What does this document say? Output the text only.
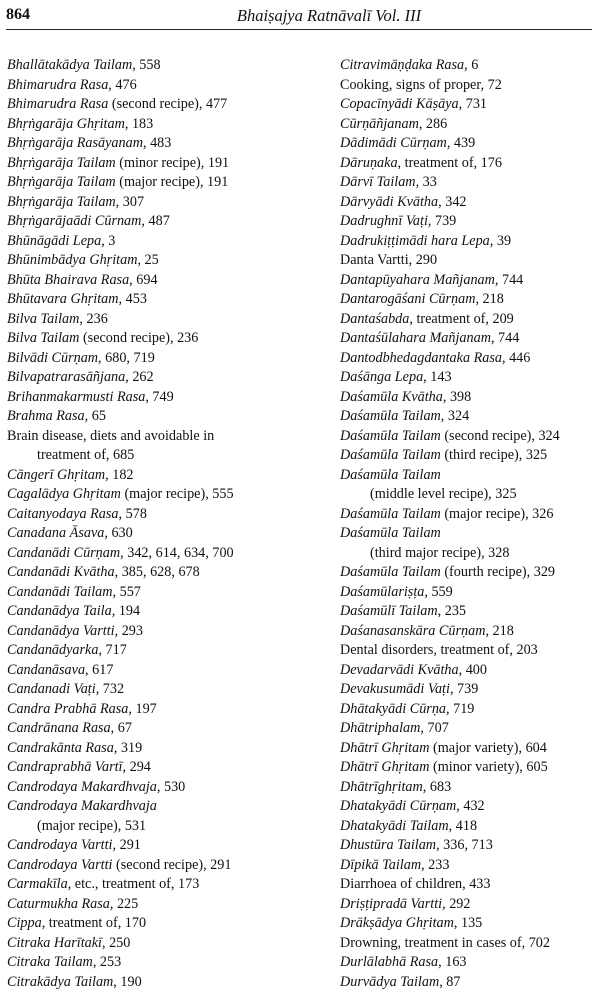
864	Bhaiṣajya Ratnāvalī Vol. III
Bhallātakādya Tailam, 558
Bhimarudra Rasa, 476
Bhimarudra Rasa (second recipe), 477
Bhṛṅgarāja Ghṛitam, 183
Bhṛṅgarāja Rasāyanam, 483
Bhṛṅgarāja Tailam (minor recipe), 191
Bhṛṅgarāja Tailam (major recipe), 191
Bhṛṅgarāja Tailam, 307
Bhṛṅgarājaādi Cūrnam, 487
Bhūnāgādi Lepa, 3
Bhūnimbādya Ghṛitam, 25
Bhūta Bhairava Rasa, 694
Bhūtavara Ghṛitam, 453
Bilva Tailam, 236
Bilva Tailam (second recipe), 236
Bilvādi Cūrṇam, 680, 719
Bilvapatrarasāñjana, 262
Brihanmakarmusti Rasa, 749
Brahma Rasa, 65
Brain disease, diets and avoidable in
treatment of, 685
Cāngerī Ghṛitam, 182
Cagalādya Ghṛitam (major recipe), 555
Caitanyodaya Rasa, 578
Canadana Āsava, 630
Candanādi Cūrṇam, 342, 614, 634, 700
Candanādi Kvātha, 385, 628, 678
Candanādi Tailam, 557
Candanādya Taila, 194
Candanādya Vartti, 293
Candanādyarka, 717
Candanāsava, 617
Candanadi Vaṭi, 732
Candra Prabhā Rasa, 197
Candrānana Rasa, 67
Candrakānta Rasa, 319
Candraprabhā Vartī, 294
Candrodaya Makardhvaja, 530
Candrodaya Makardhvaja
(major recipe), 531
Candrodaya Vartti, 291
Candrodaya Vartti (second recipe), 291
Carmakīla, etc., treatment of, 173
Caturmukha Rasa, 225
Cippa, treatment of, 170
Citraka Harītakī, 250
Citraka Tailam, 253
Citrakādya Tailam, 190
Citravimāṇḍaka Rasa, 6
Cooking, signs of proper, 72
Copacīnyādi Kāṣāya, 731
Cūrṇāñjanam, 286
Dādimādi Cūrṇam, 439
Dāruṇaka, treatment of, 176
Dārvī Tailam, 33
Dārvyādi Kvātha, 342
Dadrughnī Vaṭi, 739
Dadrukiṭṭimādi hara Lepa, 39
Danta Vartti, 290
Dantapūyahara Mañjanam, 744
Dantarogāśani Cūrṇam, 218
Dantaśabda, treatment of, 209
Dantaśūlahara Mañjanam, 744
Dantodbhedagdantaka Rasa, 446
Daśānga Lepa, 143
Daśamūla Kvātha, 398
Daśamūla Tailam, 324
Daśamūla Tailam (second recipe), 324
Daśamūla Tailam (third recipe), 325
Daśamūla Tailam
(middle level recipe), 325
Daśamūla Tailam (major recipe), 326
Daśamūla Tailam
(third major recipe), 328
Daśamūla Tailam (fourth recipe), 329
Daśamūlariṣṭa, 559
Daśamūlī Tailam, 235
Daśanasanskāra Cūrṇam, 218
Dental disorders, treatment of, 203
Devadarvādi Kvātha, 400
Devakusumādi Vaṭi, 739
Dhātakyādi Cūrṇa, 719
Dhātriphalam, 707
Dhātrī Ghṛitam (major variety), 604
Dhātrī Ghṛitam (minor variety), 605
Dhātrīghṛitam, 683
Dhatakyādi Cūrṇam, 432
Dhatakyādi Tailam, 418
Dhustūra Tailam, 336, 713
Dīpikā Tailam, 233
Diarrhoea of children, 433
Driṣṭipradā Vartti, 292
Drākṣādya Ghṛitam, 135
Drowning, treatment in cases of, 702
Durlālabhā Rasa, 163
Durvādya Tailam, 87
